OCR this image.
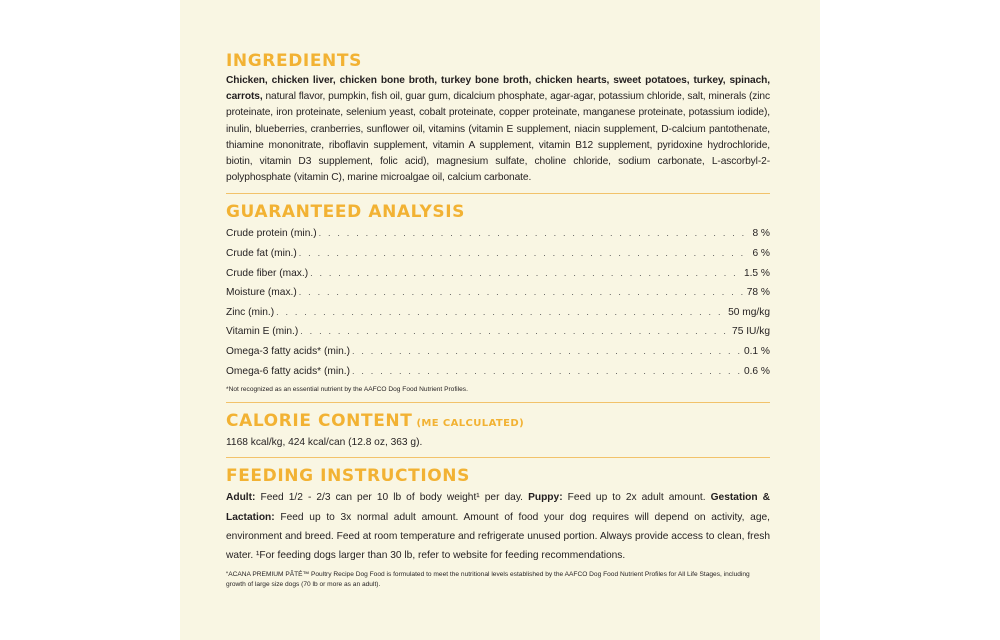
INGREDIENTS

Chicken, chicken liver, chicken bone broth, turkey bone broth, chicken hearts, sweet potatoes, turkey, spinach, carrots, natural flavor, pumpkin, fish oil, guar gum, dicalcium phosphate, agar-agar, potassium chloride, salt, minerals (zinc proteinate, iron proteinate, selenium yeast, cobalt proteinate, copper proteinate, manganese proteinate, potassium iodide), inulin, blueberries, cranberries, sunflower oil, vitamins (vitamin E supplement, niacin supplement, D-calcium pantothenate, thiamine mononitrate, riboflavin supplement, vitamin A supplement, vitamin B12 supplement, pyridoxine hydrochloride, biotin, vitamin D3 supplement, folic acid), magnesium sulfate, choline chloride, sodium carbonate, L-ascorbyl-2-polyphosphate (vitamin C), marine microalgae oil, calcium carbonate.

GUARANTEED ANALYSIS
Crude protein (min.) . . .	8 %
Crude fat (min.) . . .	6 %
Crude fiber (max.) . . .	1.5 %
Moisture (max.) . . .	78 %
Zinc (min.) . . .	50 mg/kg
Vitamin E (min.) . . .	75 IU/kg
Omega-3 fatty acids* (min.) . . .	0.1 %
Omega-6 fatty acids* (min.) . . .	0.6 %
*Not recognized as an essential nutrient by the AAFCO Dog Food Nutrient Profiles.
CALORIE CONTENT (ME CALCULATED)
1168 kcal/kg, 424 kcal/can (12.8 oz, 363 g).
FEEDING INSTRUCTIONS

Adult: Feed 1/2 - 2/3 can per 10 lb of body weight¹ per day. Puppy: Feed up to 2x adult amount. Gestation & Lactation: Feed up to 3x normal adult amount. Amount of food your dog requires will depend on activity, age, environment and breed. Feed at room temperature and refrigerate unused portion. Always provide access to clean, fresh water. ¹For feeding dogs larger than 30 lb, refer to website for feeding recommendations.

“ACANA PREMIUM PÂTÉ™ Poultry Recipe Dog Food is formulated to meet the nutritional levels established by the AAFCO Dog Food Nutrient Profiles for All Life Stages, including growth of large size dogs (70 lb or more as an adult).
